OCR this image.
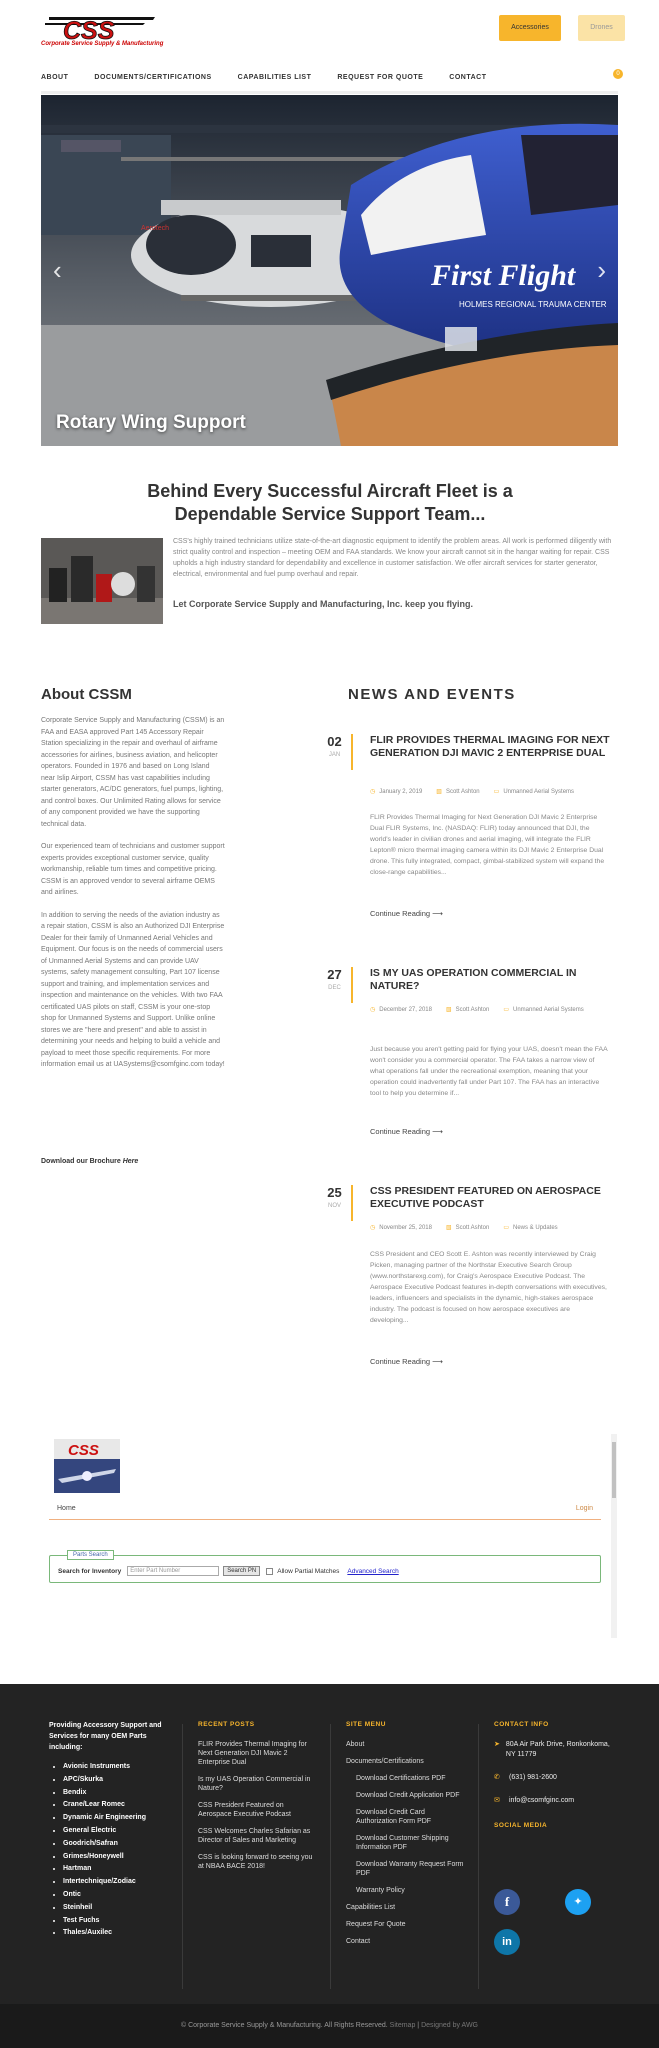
CSS
Corporate Service Supply & Manufacturing
Accessories	Drones
ABOUT	DOCUMENTS/CERTIFICATIONS	CAPABILITIES LIST	REQUEST FOR QUOTE	CONTACT	0
First Flight
HOLMES REGIONAL TRAUMA CENTER
Aerotech
‹	›
Rotary Wing Support
Behind Every Successful Aircraft Fleet is a Dependable Service Support Team...
CSS's highly trained technicians utilize state-of-the-art diagnostic equipment to identify the problem areas. All work is performed diligently with strict quality control and inspection – meeting OEM and FAA standards. We know your aircraft cannot sit in the hangar waiting for repair. CSS upholds a high industry standard for dependability and excellence in customer satisfaction. We offer aircraft services for starter generator, electrical, environmental and fuel pump overhaul and repair.
Let Corporate Service Supply and Manufacturing, Inc. keep you flying.
About CSSM

Corporate Service Supply and Manufacturing (CSSM) is an FAA and EASA approved Part 145 Accessory Repair Station specializing in the repair and overhaul of airframe accessories for airlines, business aviation, and helicopter operators. Founded in 1976 and based on Long Island near Islip Airport, CSSM has vast capabilities including starter generators, AC/DC generators, fuel pumps, lighting, and control boxes. Our Unlimited Rating allows for service of any component provided we have the supporting technical data.

Our experienced team of technicians and customer support experts provides exceptional customer service, quality workmanship, reliable turn times and competitive pricing. CSSM is an approved vendor to several airframe OEMS and airlines.

In addition to serving the needs of the aviation industry as a repair station, CSSM is also an Authorized DJI Enterprise Dealer for their family of Unmanned Aerial Vehicles and Equipment. Our focus is on the needs of commercial users of Unmanned Aerial Systems and can provide UAV systems, safety management consulting, Part 107 license support and training, and implementation services and inspection and maintenance on the vehicles. With two FAA certificated UAS pilots on staff, CSSM is your one-stop shop for Unmanned Systems and Support. Unlike online stores we are "here and present" and able to assist in determining your needs and helping to build a vehicle and payload to meet those specific requirements. For more information email us at UASystems@csomfginc.com today!

Download our Brochure Here
NEWS AND EVENTS
02
JAN
FLIR PROVIDES THERMAL IMAGING FOR NEXT GENERATION DJI MAVIC 2 ENTERPRISE DUAL
◷ January 2, 2019 ▧ Scott Ashton ▭ Unmanned Aerial Systems
FLIR Provides Thermal Imaging for Next Generation DJI Mavic 2 Enterprise Dual FLIR Systems, Inc. (NASDAQ: FLIR) today announced that DJI, the world's leader in civilian drones and aerial imaging, will integrate the FLIR Lepton® micro thermal imaging camera within its DJI Mavic 2 Enterprise Dual drone. This fully integrated, compact, gimbal-stabilized system will expand the close-range capabilities...
Continue Reading ⟶
27
DEC
IS MY UAS OPERATION COMMERCIAL IN NATURE?
◷ December 27, 2018 ▧ Scott Ashton ▭ Unmanned Aerial Systems
Just because you aren't getting paid for flying your UAS, doesn't mean the FAA won't consider you a commercial operator. The FAA takes a narrow view of what operations fall under the recreational exemption, meaning that your operation could inadvertently fall under Part 107. The FAA has an interactive tool to help you determine if...
Continue Reading ⟶
25
NOV
CSS PRESIDENT FEATURED ON AEROSPACE EXECUTIVE PODCAST
◷ November 25, 2018 ▧ Scott Ashton ▭ News & Updates
CSS President and CEO Scott E. Ashton was recently interviewed by Craig Picken, managing partner of the Northstar Executive Search Group (www.northstarexg.com), for Craig's Aerospace Executive Podcast. The Aerospace Executive Podcast features in-depth conversations with executives, leaders, influencers and specialists in the dynamic, high-stakes aerospace industry. The podcast is focused on how aerospace executives are developing...
Continue Reading ⟶
CSS
Home	Login
Parts Search
Search for Inventory	Enter Part Number	Search PN	Allow Partial Matches Advanced Search

Providing Accessory Support and Services for many OEM Parts including:

• Avionic Instruments
• APC/Skurka
• Bendix
• Crane/Lear Romec
• Dynamic Air Engineering
• General Electric
• Goodrich/Safran
• Grimes/Honeywell
• Hartman
• Intertechnique/Zodiac
• Ontic
• Steinheil
• Test Fuchs
• Thales/Auxilec
RECENT POSTS
FLIR Provides Thermal Imaging for Next Generation DJI Mavic 2 Enterprise Dual
Is my UAS Operation Commercial in Nature?
CSS President Featured on Aerospace Executive Podcast
CSS Welcomes Charles Safarian as Director of Sales and Marketing
CSS is looking forward to seeing you at NBAA BACE 2018!
SITE MENU
About
Documents/Certifications
Download Certifications PDF
Download Credit Application PDF
Download Credit Card Authorization Form PDF
Download Customer Shipping Information PDF
Download Warranty Request Form PDF
Warranty Policy
Capabilities List
Request For Quote
Contact
CONTACT INFO
➤ 80A Air Park Drive, Ronkonkoma, NY 11779
✆	(631) 981-2600
✉	info@csomfginc.com
SOCIAL MEDIA
f	✦
in
© Corporate Service Supply & Manufacturing. All Rights Reserved. Sitemap | Designed by AWG
